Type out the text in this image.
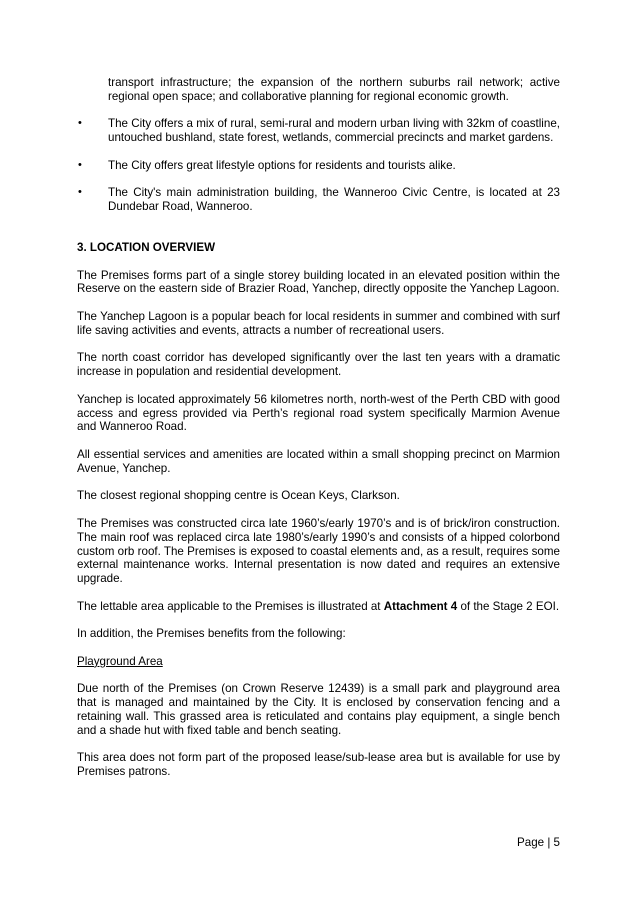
transport infrastructure; the expansion of the northern suburbs rail network; active regional open space; and collaborative planning for regional economic growth.

• The City offers a mix of rural, semi-rural and modern urban living with 32km of coastline, untouched bushland, state forest, wetlands, commercial precincts and market gardens.
• The City offers great lifestyle options for residents and tourists alike.
• The City's main administration building, the Wanneroo Civic Centre, is located at 23 Dundebar Road, Wanneroo.
3. LOCATION OVERVIEW

The Premises forms part of a single storey building located in an elevated position within the Reserve on the eastern side of Brazier Road, Yanchep, directly opposite the Yanchep Lagoon.

The Yanchep Lagoon is a popular beach for local residents in summer and combined with surf life saving activities and events, attracts a number of recreational users.

The north coast corridor has developed significantly over the last ten years with a dramatic increase in population and residential development.

Yanchep is located approximately 56 kilometres north, north-west of the Perth CBD with good access and egress provided via Perth’s regional road system specifically Marmion Avenue and Wanneroo Road.

All essential services and amenities are located within a small shopping precinct on Marmion Avenue, Yanchep.

The closest regional shopping centre is Ocean Keys, Clarkson.

The Premises was constructed circa late 1960’s/early 1970’s and is of brick/iron construction. The main roof was replaced circa late 1980’s/early 1990’s and consists of a hipped colorbond custom orb roof. The Premises is exposed to coastal elements and, as a result, requires some external maintenance works. Internal presentation is now dated and requires an extensive upgrade.

The lettable area applicable to the Premises is illustrated at Attachment 4 of the Stage 2 EOI.

In addition, the Premises benefits from the following:

Playground Area

Due north of the Premises (on Crown Reserve 12439) is a small park and playground area that is managed and maintained by the City. It is enclosed by conservation fencing and a retaining wall. This grassed area is reticulated and contains play equipment, a single bench and a shade hut with fixed table and bench seating.

This area does not form part of the proposed lease/sub-lease area but is available for use by Premises patrons.

Page | 5
